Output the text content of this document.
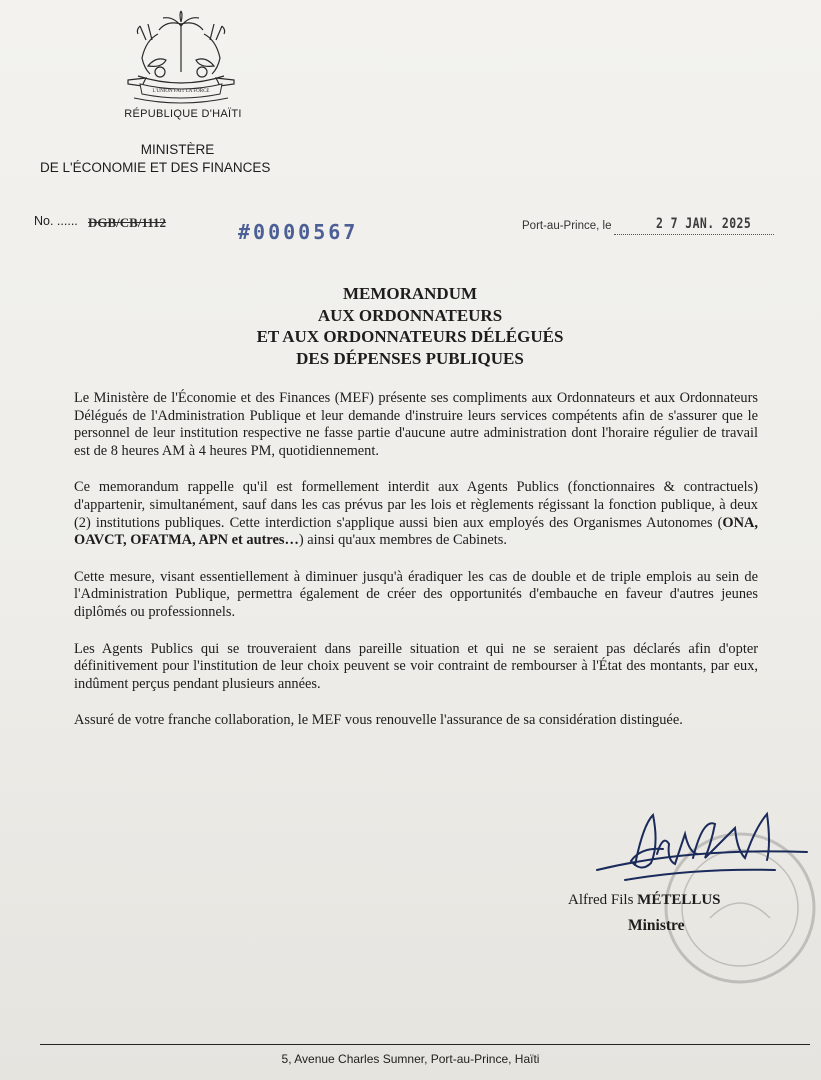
L'UNION FAIT LA FORCE
RÉPUBLIQUE D'HAÏTI
MINISTÈRE
DE L'ÉCONOMIE ET DES FINANCES
No. ...... DGB/CB/1112	#0000567	Port-au-Prince, le	2 7 JAN. 2025
MEMORANDUM
AUX ORDONNATEURS
ET AUX ORDONNATEURS DÉLÉGUÉS
DES DÉPENSES PUBLIQUES

Le Ministère de l'Économie et des Finances (MEF) présente ses compliments aux Ordonnateurs et aux Ordonnateurs Délégués de l'Administration Publique et leur demande d'instruire leurs services compétents afin de s'assurer que le personnel de leur institution respective ne fasse partie d'aucune autre administration dont l'horaire régulier de travail est de 8 heures AM à 4 heures PM, quotidiennement.

Ce memorandum rappelle qu'il est formellement interdit aux Agents Publics (fonctionnaires & contractuels) d'appartenir, simultanément, sauf dans les cas prévus par les lois et règlements régissant la fonction publique, à deux (2) institutions publiques. Cette interdiction s'applique aussi bien aux employés des Organismes Autonomes (ONA, OAVCT, OFATMA, APN et autres…) ainsi qu'aux membres de Cabinets.

Cette mesure, visant essentiellement à diminuer jusqu'à éradiquer les cas de double et de triple emplois au sein de l'Administration Publique, permettra également de créer des opportunités d'embauche en faveur d'autres jeunes diplômés ou professionnels.

Les Agents Publics qui se trouveraient dans pareille situation et qui ne se seraient pas déclarés afin d'opter définitivement pour l'institution de leur choix peuvent se voir contraint de rembourser à l'État des montants, par eux, indûment perçus pendant plusieurs années.

Assuré de votre franche collaboration, le MEF vous renouvelle l'assurance de sa considération distinguée.

Alfred Fils MÉTELLUS
Ministre
5, Avenue Charles Sumner, Port-au-Prince, Haïti
